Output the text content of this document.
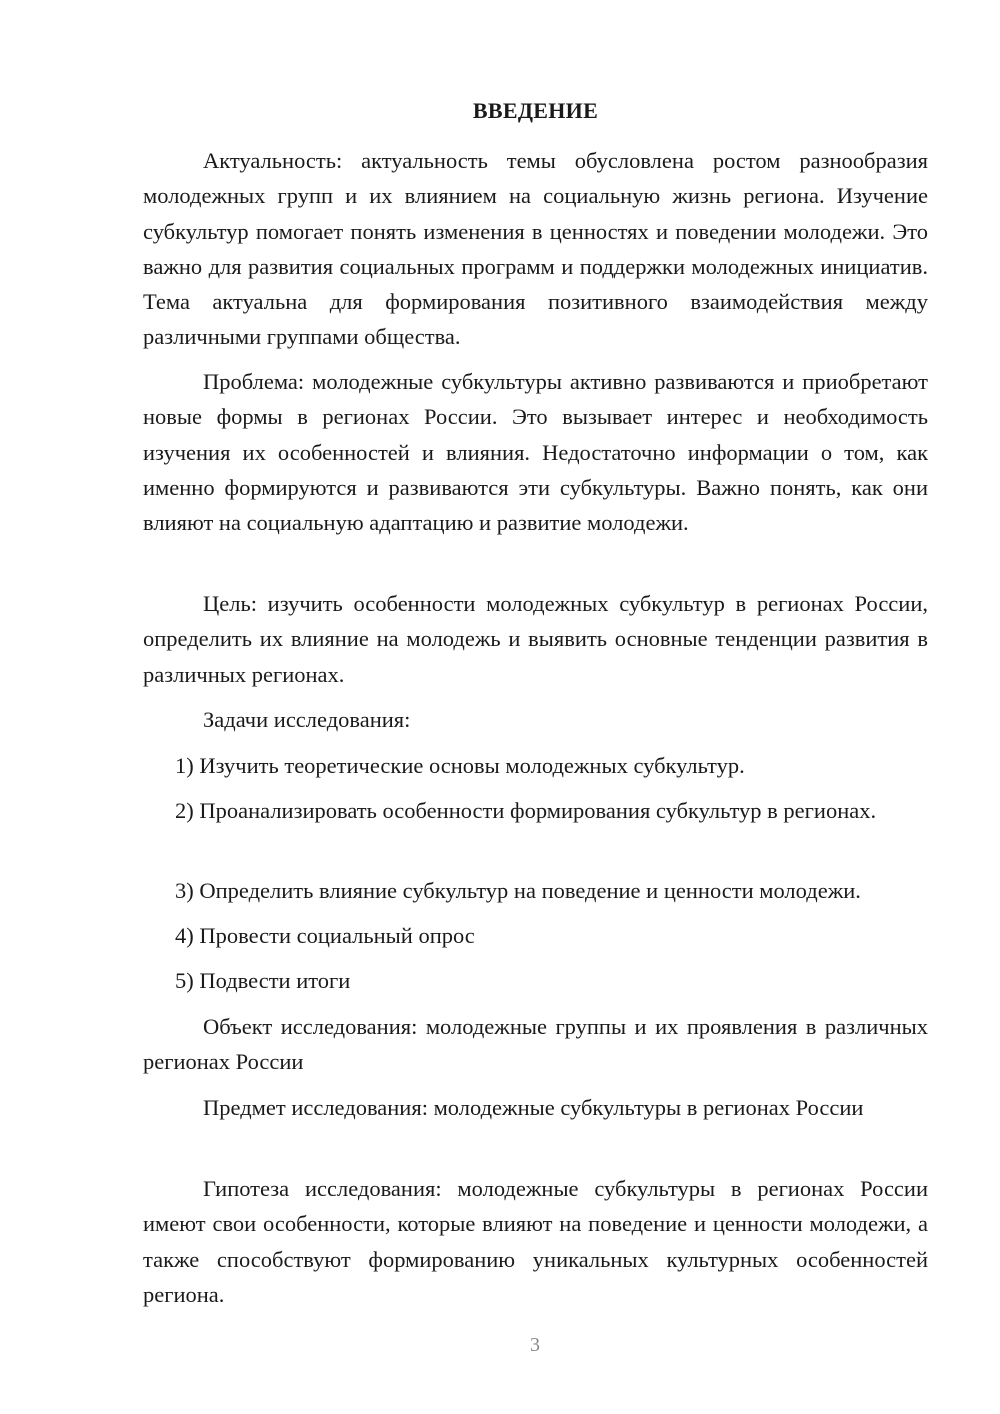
ВВЕДЕНИЕ

Актуальность: актуальность темы обусловлена ростом разнообразия молодежных групп и их влиянием на социальную жизнь региона. Изучение субкультур помогает понять изменения в ценностях и поведении молодежи. Это важно для развития социальных программ и поддержки молодежных инициатив. Тема актуальна для формирования позитивного взаимодействия между различными группами общества.

Проблема: молодежные субкультуры активно развиваются и приобретают новые формы в регионах России. Это вызывает интерес и необходимость изучения их особенностей и влияния. Недостаточно информации о том, как именно формируются и развиваются эти субкультуры. Важно понять, как они влияют на социальную адаптацию и развитие молодежи.

Цель: изучить особенности молодежных субкультур в регионах России, определить их влияние на молодежь и выявить основные тенденции развития в различных регионах.

Задачи исследования:

1) Изучить теоретические основы молодежных субкультур.

2) Проанализировать особенности формирования субкультур в регионах.

3) Определить влияние субкультур на поведение и ценности молодежи.

4) Провести социальный опрос

5) Подвести итоги

Объект исследования: молодежные группы и их проявления в различных регионах России

Предмет исследования: молодежные субкультуры в регионах России

Гипотеза исследования: молодежные субкультуры в регионах России имеют свои особенности, которые влияют на поведение и ценности молодежи, а также способствуют формированию уникальных культурных особенностей региона.

3
